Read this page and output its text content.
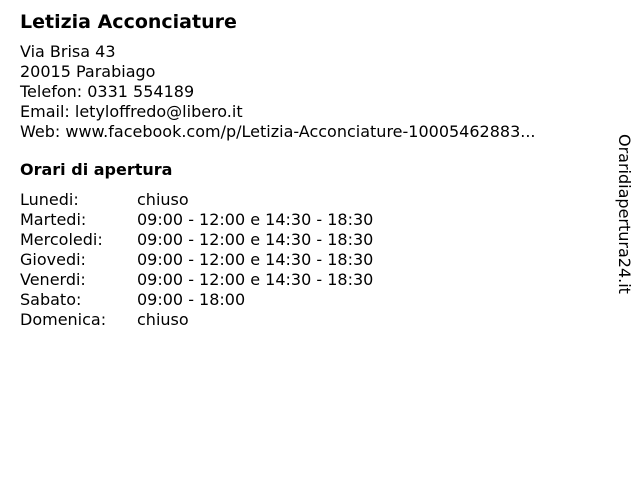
Letizia Acconciature
Via Brisa 43
20015 Parabiago
Telefon: 0331 554189
Email: letyloffredo@libero.it
Web: www.facebook.com/p/Letizia-Acconciature-10005462883...
Orari di apertura
Lunedi:	chiuso
Martedi:	09:00 - 12:00 e 14:30 - 18:30
Mercoledi:	09:00 - 12:00 e 14:30 - 18:30
Giovedi:	09:00 - 12:00 e 14:30 - 18:30
Venerdi:	09:00 - 12:00 e 14:30 - 18:30
Sabato:	09:00 - 18:00
Domenica:	chiuso
Oraridiapertura24.it
